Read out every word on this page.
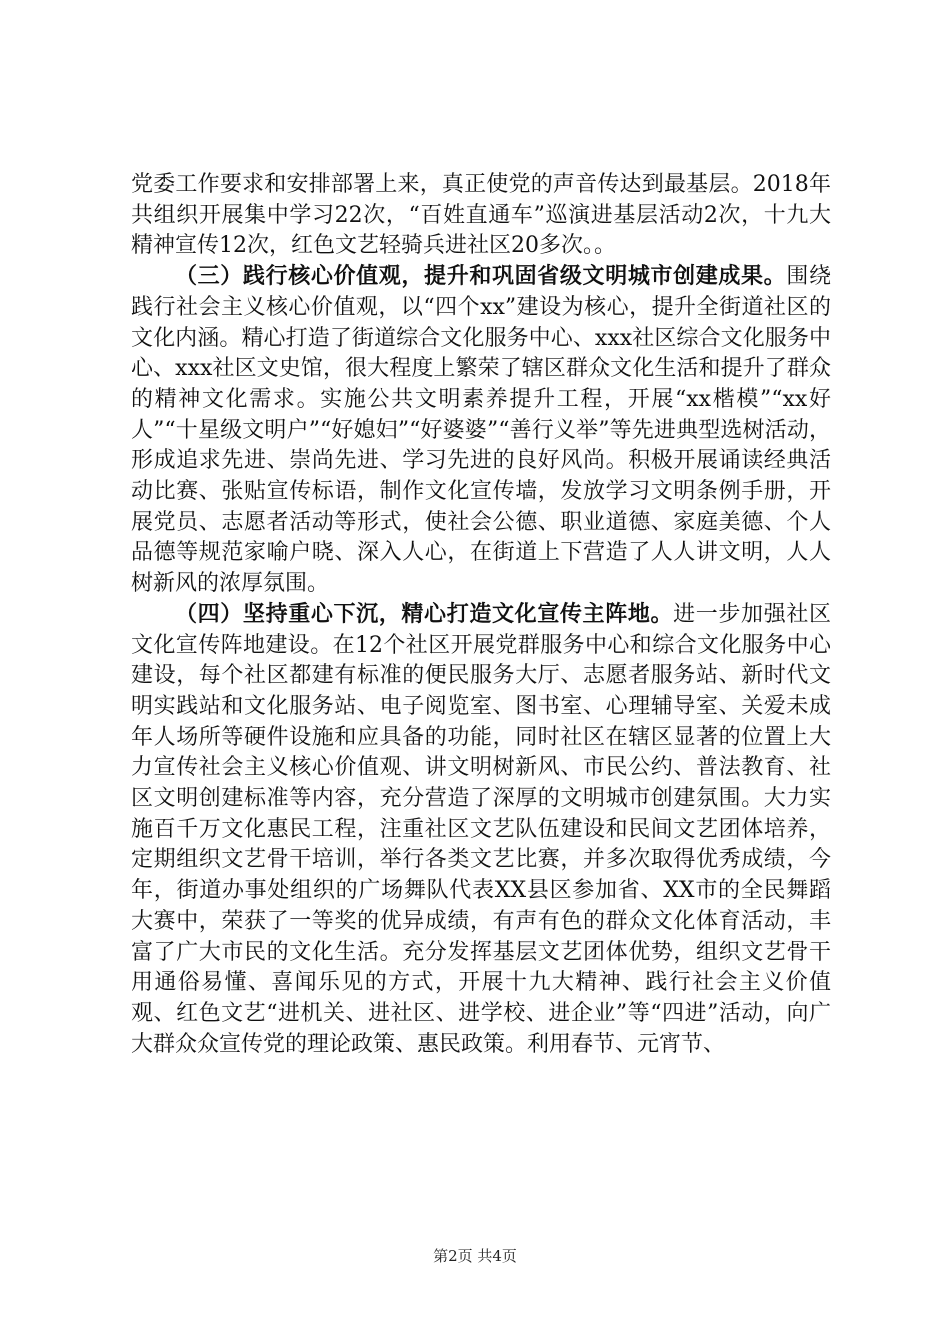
党委工作要求和安排部署上来，真正使党的声音传达到最基层。2018年共组织开展集中学习22次，“百姓直通车”巡演进基层活动2次，十九大精神宣传12次，红色文艺轻骑兵进社区20多次。。

（三）践行核心价值观，提升和巩固省级文明城市创建成果。围绕践行社会主义核心价值观，以“四个xx”建设为核心，提升全街道社区的文化内涵。精心打造了街道综合文化服务中心、xxx社区综合文化服务中心、xxx社区文史馆，很大程度上繁荣了辖区群众文化生活和提升了群众的精神文化需求。实施公共文明素养提升工程，开展“xx楷模”“xx好人”“十星级文明户”“好媳妇”“好婆婆”“善行义举”等先进典型选树活动，形成追求先进、崇尚先进、学习先进的良好风尚。积极开展诵读经典活动比赛、张贴宣传标语，制作文化宣传墙，发放学习文明条例手册，开展党员、志愿者活动等形式，使社会公德、职业道德、家庭美德、个人品德等规范家喻户晓、深入人心，在街道上下营造了人人讲文明，人人树新风的浓厚氛围。

（四）坚持重心下沉，精心打造文化宣传主阵地。进一步加强社区文化宣传阵地建设。在12个社区开展党群服务中心和综合文化服务中心建设，每个社区都建有标准的便民服务大厅、志愿者服务站、新时代文明实践站和文化服务站、电子阅览室、图书室、心理辅导室、关爱未成年人场所等硬件设施和应具备的功能，同时社区在辖区显著的位置上大力宣传社会主义核心价值观、讲文明树新风、市民公约、普法教育、社区文明创建标准等内容，充分营造了深厚的文明城市创建氛围。大力实施百千万文化惠民工程，注重社区文艺队伍建设和民间文艺团体培养，定期组织文艺骨干培训，举行各类文艺比赛，并多次取得优秀成绩，今年，街道办事处组织的广场舞队代表XX县区参加省、XX市的全民舞蹈大赛中，荣获了一等奖的优异成绩，有声有色的群众文化体育活动，丰富了广大市民的文化生活。充分发挥基层文艺团体优势，组织文艺骨干用通俗易懂、喜闻乐见的方式，开展十九大精神、践行社会主义价值观、红色文艺“进机关、进社区、进学校、进企业”等“四进”活动，向广大群众众宣传党的理论政策、惠民政策。利用春节、元宵节、

第2页 共4页
